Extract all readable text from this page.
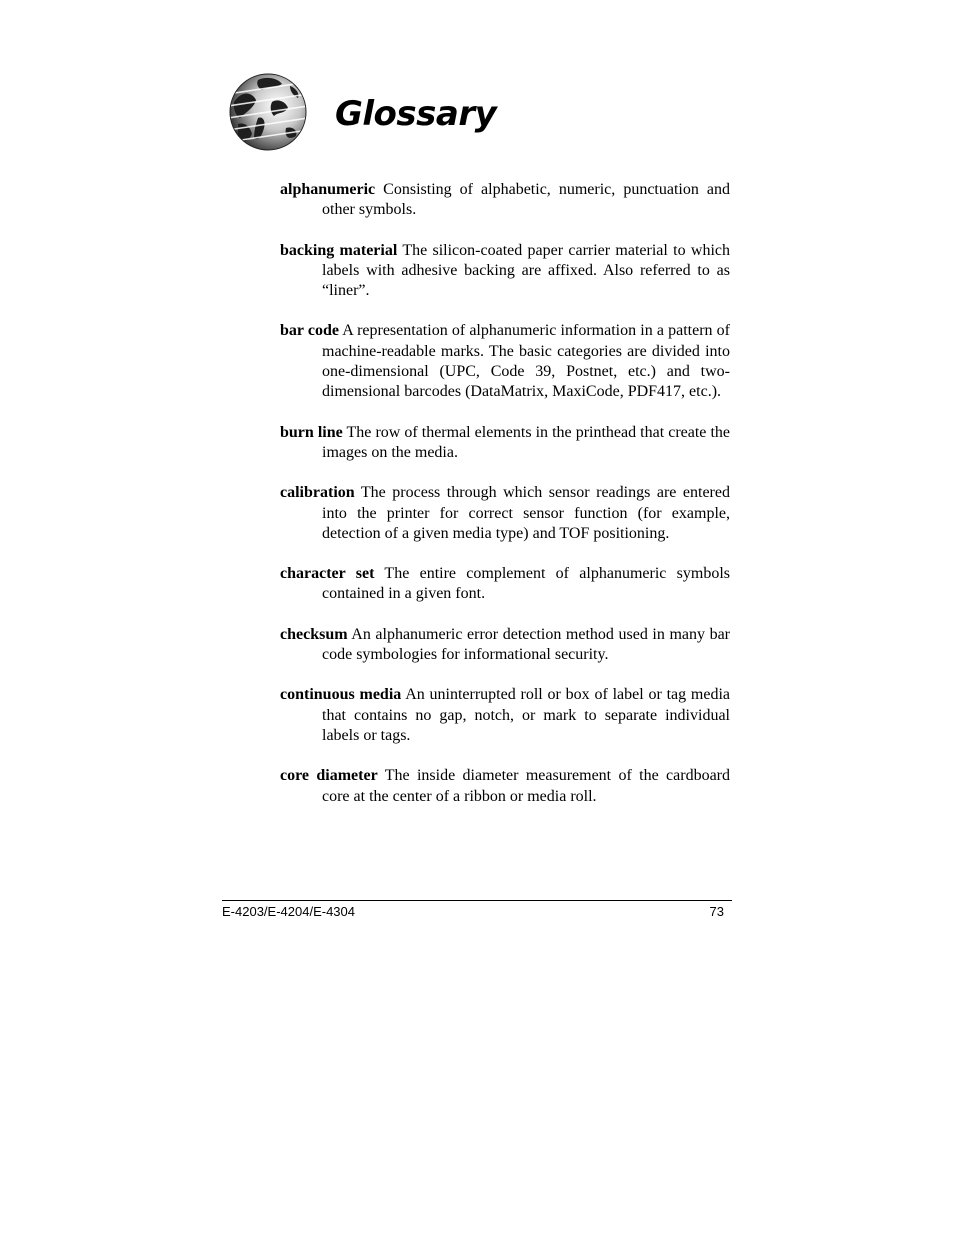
Glossary

alphanumeric Consisting of alphabetic, numeric, punctuation and other symbols.

backing material The silicon-coated paper carrier material to which labels with adhesive backing are affixed. Also referred to as “liner”.

bar code A representation of alphanumeric information in a pattern of machine-readable marks. The basic categories are divided into one-dimensional (UPC, Code 39, Postnet, etc.) and two-dimensional barcodes (DataMatrix, MaxiCode, PDF417, etc.).

burn line The row of thermal elements in the printhead that create the images on the media.

calibration The process through which sensor readings are entered into the printer for correct sensor function (for example, detection of a given media type) and TOF positioning.

character set The entire complement of alphanumeric symbols contained in a given font.

checksum An alphanumeric error detection method used in many bar code symbologies for informational security.

continuous media An uninterrupted roll or box of label or tag media that contains no gap, notch, or mark to separate individual labels or tags.

core diameter The inside diameter measurement of the cardboard core at the center of a ribbon or media roll.

E-4203/E-4204/E-4304	73
